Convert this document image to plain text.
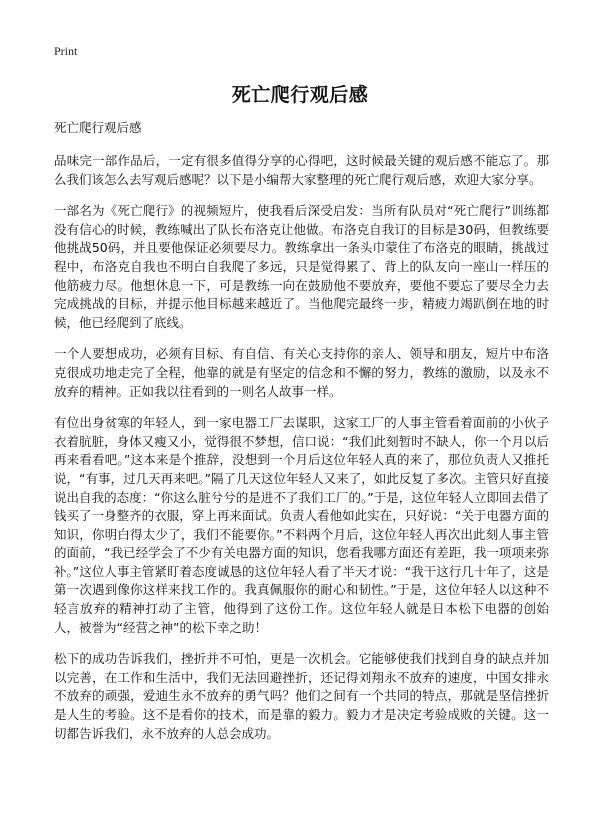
Print
死亡爬行观后感

死亡爬行观后感

品味完一部作品后，一定有很多值得分享的心得吧，这时候最关键的观后感不能忘了。那么我们该怎么去写观后感呢？以下是小编帮大家整理的死亡爬行观后感，欢迎大家分享。

一部名为《死亡爬行》的视频短片，使我看后深受启发：当所有队员对“死亡爬行”训练都没有信心的时候，教练喊出了队长布洛克让他做。布洛克自我订的目标是30码，但教练要他挑战50码，并且要他保证必须要尽力。教练拿出一条头巾蒙住了布洛克的眼睛，挑战过程中，布洛克自我也不明白自我爬了多远，只是觉得累了、背上的队友向一座山一样压的他筋疲力尽。他想休息一下，可是教练一向在鼓励他不要放弃，要他不要忘了要尽全力去完成挑战的目标，并提示他目标越来越近了。当他爬完最终一步，精疲力竭趴倒在地的时候，他已经爬到了底线。

一个人要想成功，必须有目标、有自信、有关心支持你的亲人、领导和朋友，短片中布洛克很成功地走完了全程，他靠的就是有坚定的信念和不懈的努力，教练的激励，以及永不放弃的精神。正如我以往看到的一则名人故事一样。

有位出身贫寒的年轻人，到一家电器工厂去谋职，这家工厂的人事主管看着面前的小伙子衣着肮脏，身体又瘦又小，觉得很不梦想，信口说：“我们此刻暂时不缺人，你一个月以后再来看看吧。”这本来是个推辞，没想到一个月后这位年轻人真的来了，那位负责人又推托说，“有事，过几天再来吧。”隔了几天这位年轻人又来了，如此反复了多次。主管只好直接说出自我的态度：“你这么脏兮兮的是进不了我们工厂的。”于是，这位年轻人立即回去借了钱买了一身整齐的衣服，穿上再来面试。负责人看他如此实在，只好说：“关于电器方面的知识，你明白得太少了，我们不能要你。”不料两个月后，这位年轻人再次出此刻人事主管的面前，“我已经学会了不少有关电器方面的知识，您看我哪方面还有差距，我一项项来弥补。”这位人事主管紧盯着态度诚恳的这位年轻人看了半天才说：“我干这行几十年了，这是第一次遇到像你这样来找工作的。我真佩服你的耐心和韧性。”于是，这位年轻人以这种不轻言放弃的精神打动了主管，他得到了这份工作。这位年轻人就是日本松下电器的创始人，被誉为“经营之神”的松下幸之助！

松下的成功告诉我们，挫折并不可怕，更是一次机会。它能够使我们找到自身的缺点并加以完善，在工作和生活中，我们无法回避挫折，还记得刘翔永不放弃的速度，中国女排永不放弃的顽强，爱迪生永不放弃的勇气吗？他们之间有一个共同的特点，那就是坚信挫折是人生的考验。这不是看你的技术，而是靠的毅力。毅力才是决定考验成败的关键。这一切都告诉我们，永不放弃的人总会成功。
